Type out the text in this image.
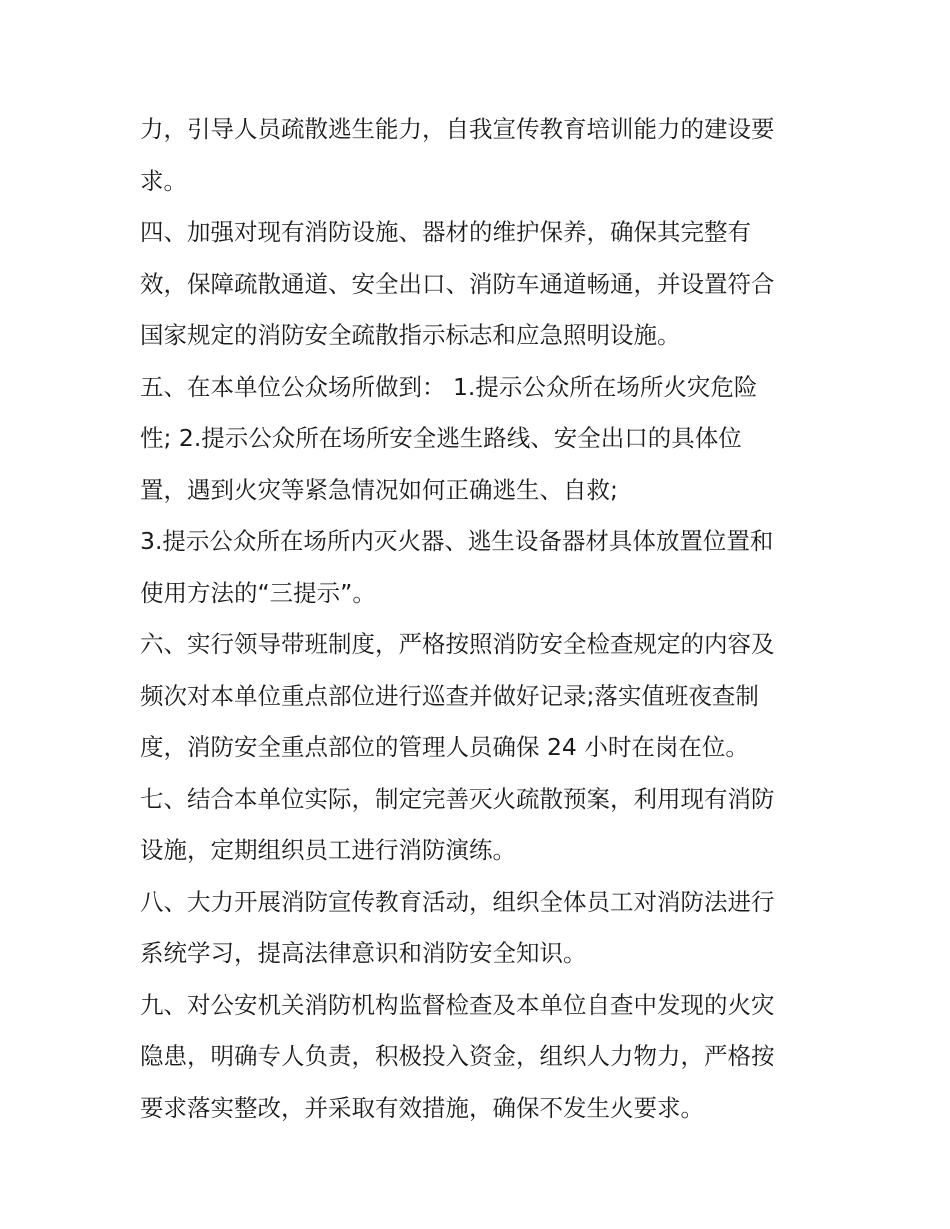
力，引导人员疏散逃生能力，自我宣传教育培训能力的建设要
求。
四、加强对现有消防设施、器材的维护保养，确保其完整有
效，保障疏散通道、安全出口、消防车通道畅通，并设置符合
国家规定的消防安全疏散指示标志和应急照明设施。
五、在本单位公众场所做到： 1.提示公众所在场所火灾危险
性; 2.提示公众所在场所安全逃生路线、安全出口的具体位
置，遇到火灾等紧急情况如何正确逃生、自救;
3.提示公众所在场所内灭火器、逃生设备器材具体放置位置和
使用方法的“三提示”。
六、实行领导带班制度，严格按照消防安全检查规定的内容及
频次对本单位重点部位进行巡查并做好记录;落实值班夜查制
度，消防安全重点部位的管理人员确保 24 小时在岗在位。
七、结合本单位实际，制定完善灭火疏散预案，利用现有消防
设施，定期组织员工进行消防演练。
八、大力开展消防宣传教育活动，组织全体员工对消防法进行
系统学习，提高法律意识和消防安全知识。
九、对公安机关消防机构监督检查及本单位自查中发现的火灾
隐患，明确专人负责，积极投入资金，组织人力物力，严格按
要求落实整改，并采取有效措施，确保不发生火要求。
